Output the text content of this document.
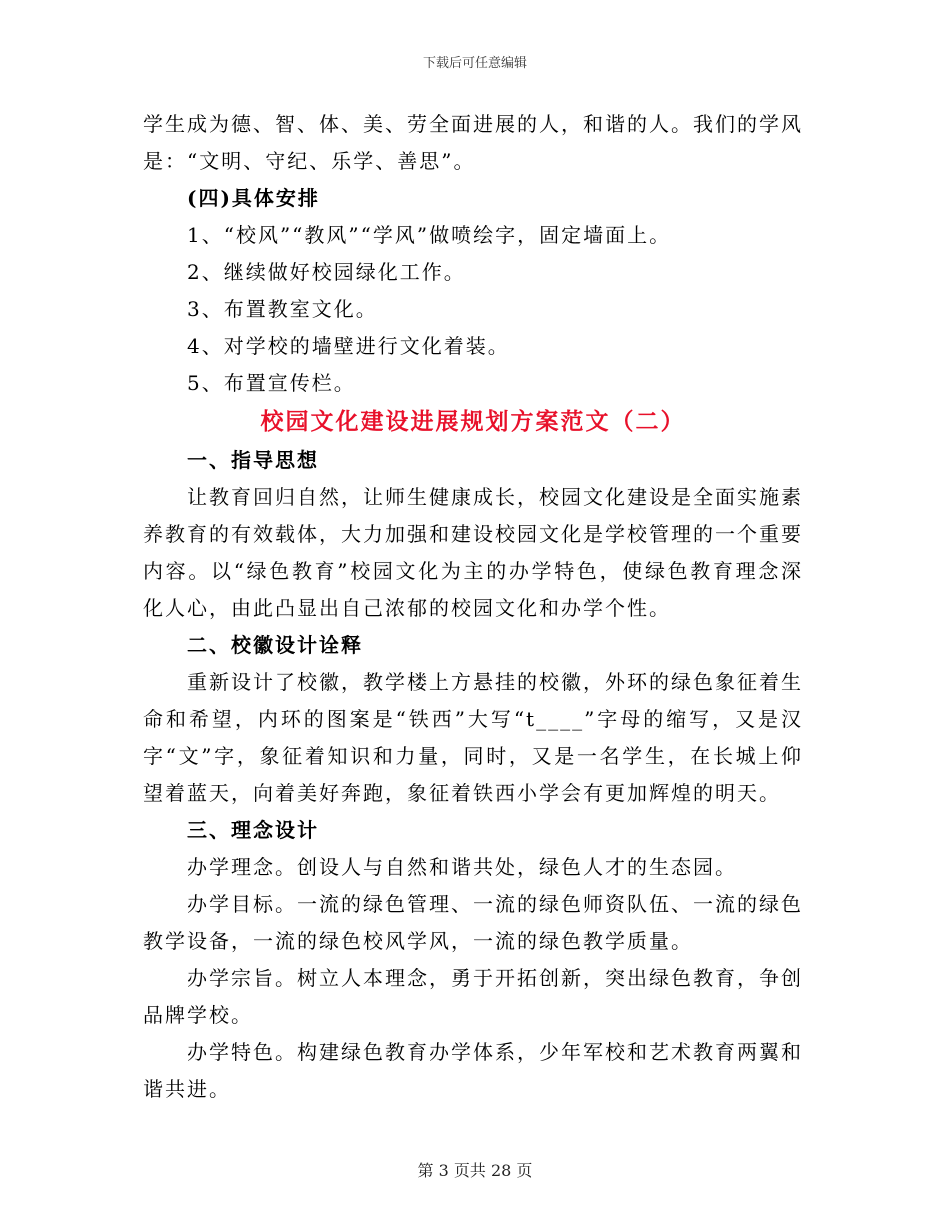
下载后可任意编辑

学生成为德、智、体、美、劳全面进展的人，和谐的人。我们的学风是：“文明、守纪、乐学、善思”。

(四)具体安排

1、“校风”“教风”“学风”做喷绘字，固定墙面上。

2、继续做好校园绿化工作。

3、布置教室文化。

4、对学校的墙壁进行文化着装。

5、布置宣传栏。

校园文化建设进展规划方案范文（二）

一、指导思想

让教育回归自然，让师生健康成长，校园文化建设是全面实施素养教育的有效载体，大力加强和建设校园文化是学校管理的一个重要内容。以“绿色教育”校园文化为主的办学特色，使绿色教育理念深化人心，由此凸显出自己浓郁的校园文化和办学个性。

二、校徽设计诠释

重新设计了校徽，教学楼上方悬挂的校徽，外环的绿色象征着生命和希望，内环的图案是“铁西”大写“t____”字母的缩写，又是汉字“文”字，象征着知识和力量，同时，又是一名学生，在长城上仰望着蓝天，向着美好奔跑，象征着铁西小学会有更加辉煌的明天。

三、理念设计

办学理念。创设人与自然和谐共处，绿色人才的生态园。

办学目标。一流的绿色管理、一流的绿色师资队伍、一流的绿色教学设备，一流的绿色校风学风，一流的绿色教学质量。

办学宗旨。树立人本理念，勇于开拓创新，突出绿色教育，争创品牌学校。

办学特色。构建绿色教育办学体系，少年军校和艺术教育两翼和谐共进。

第 3 页共 28 页
